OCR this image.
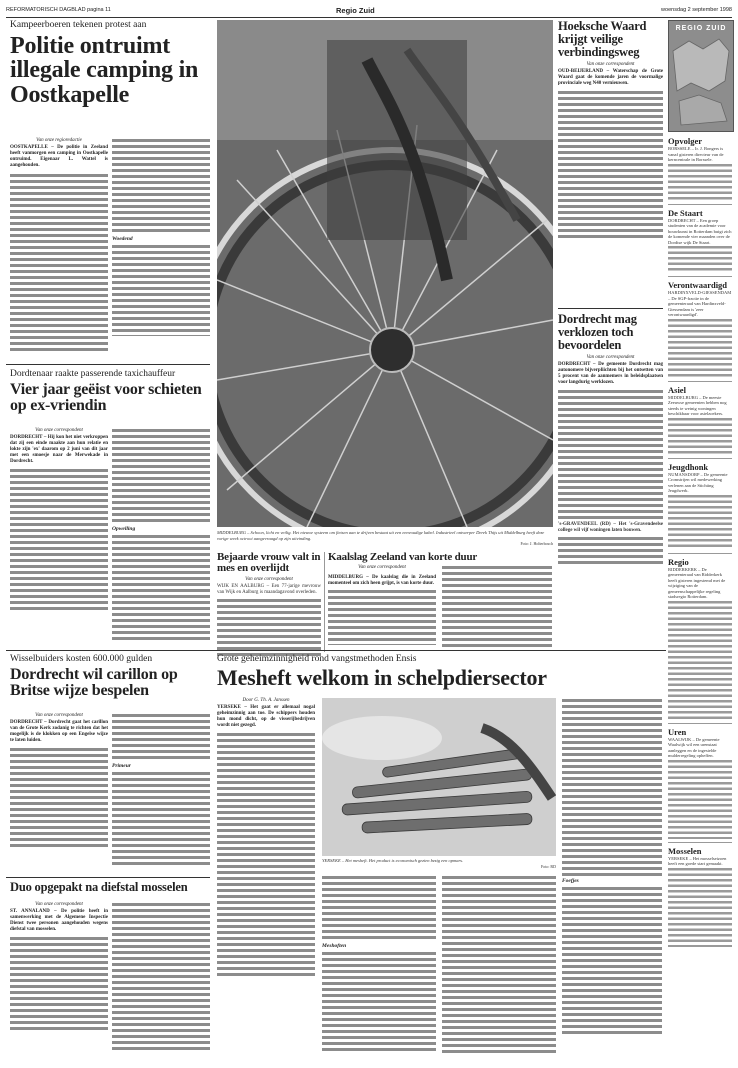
REFORMATORISCH DAGBLAD pagina 11	Regio Zuid	woensdag 2 september 1998
Kampeerboeren tekenen protest aan
Politie ontruimt illegale camping in Oostkapelle
Van onze regioredactie
OOSTKAPELLE – De politie in Zeeland heeft vanmorgen een camping in Oostkapelle ontruimd. Eigenaar L. Wattel is aangehouden.
Woedend
Dordtenaar raakte passerende taxichauffeur
Vier jaar geëist voor schieten op ex-vriendin
Van onze correspondent
DORDRECHT – Hij kon het niet verkroppen dat zij een einde maakte aan hun relatie en lokte zijn 'ex' daarom op 2 juni van dit jaar met een smoesje naar de Merwekade in Dordrecht.
Opwelling
MIDDELBURG – Schoon, licht en veilig. Het nieuwe systeem om fietsen aan te drijven bestaat uit een eenvoudige kabel. Industrieel ontwerper Derek Thijs uit Middelburg heeft deze vorige week octrooi aangevraagd op zijn uitvinding.
Foto: J. Holterbosch
Bejaarde vrouw valt in mes en overlijdt
Van onze correspondent
WIJK EN AALBURG – Een 77-jarige mevrouw van Wijk en Aalburg is maandagavond overleden.
Kaalslag Zeeland van korte duur
Van onze correspondent
MIDDELBURG – De kaalslag die in Zeeland momenteel om zich heen grijpt, is van korte duur.
Hoeksche Waard krijgt veilige verbindingsweg
Van onze correspondent
OUD-BEIJERLAND – Waterschap de Grote Waard gaat de komende jaren de voormalige provinciale weg N40 vernieuwen.
Dordrecht mag verklozen toch bevoordelen
Van onze correspondent
DORDRECHT – De gemeente Dordrecht mag autonomere bijverpliichten bij het ontsetten van 5 procent van de aanmemers in beleidsplaatsen voor langdurig werklozen.
's-GRAVENDEEL (RD) – Het 's-Gravendeelse college wil vijf woningen laten bouwen.
REGIO ZUID
Opvolger
BORSSELE – Ir. J. Bongers is vanaf gisteren directeur van de kerncentrale in Borssele.
De Staart
DORDRECHT – Een groep studenten van de academie voor bouwkunst in Rotterdam buigt zich de komende vier maanden over de Dordtse wijk De Staart.
Verontwaardigd
HARDINXVELD-GIESSENDAM – De SGP-fractie in de gemeenteraad van Hardinxveld-Giessendam is 'zeer verontwaardigd'.
Asiel
MIDDELBURG – De meeste Zeeuwse gemeenten hebben nog steeds te weinig woningen beschikbaar voor asielzoekers.
Jeugdhonk
NUMANSDORP – De gemeente Cromstrijen wil medewerking verlenen aan de Stichting Jeugdwerk.
Regio
RIDDERKERK – De gemeenteraad van Ridderkerk heeft gisteren ingestemd met de wijziging van de gemeenschappelijke regeling stadsregio Rotterdam.
Uren
WAALWIJK – De gemeente Waalwijk wil een urenstaat aanleggen en de ingestelde mulderregeling opheffen.
Mosselen
YERSEKE – Het mosselseizoen heeft een goede start gemaakt.
Wisselbuiders kosten 600.000 gulden
Dordrecht wil carillon op Britse wijze bespelen
Van onze correspondent
DORDRECHT – Dordrecht gaat het carillon van de Grote Kerk zodanig te richten dat het mogelijk is de klokken op een Engelse wijze te laten luiden.
Primeur
Duo opgepakt na diefstal mosselen
Van onze correspondent
ST. ANNALAND – De politie heeft in samenwerking met de Algemene Inspectie Dienst twee personen aangehouden wegens diefstal van mosselen.
Grote geheimzinnigheid rond vangstmethoden Ensis
Mesheft welkom in schelpdiersector
Door G. Th. A. Janssen
YERSEKE – Het gaat er allemaal nogal geheimzinnig aan toe. De schippers houden hun mond dicht, op de visserijbedrijven wordt niet gezegd.
YERSEKE – Het mesheft. Het product is economisch gezien bezig een opmars.
Foto: RD
Meshoften
Foefjes
